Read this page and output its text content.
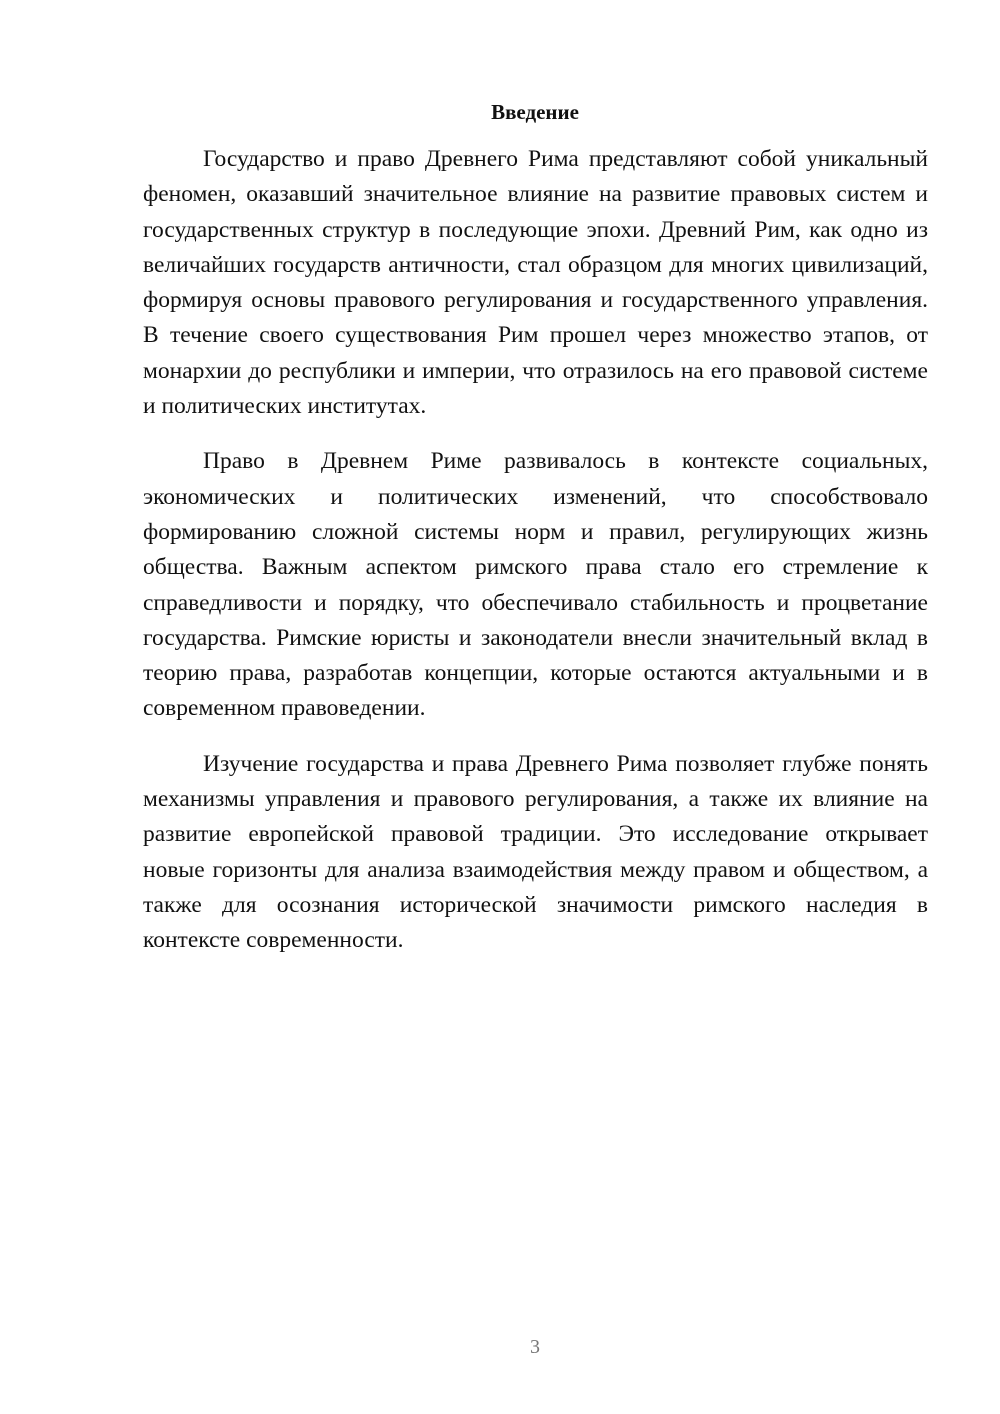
Введение

Государство и право Древнего Рима представляют собой уникальный феномен, оказавший значительное влияние на развитие правовых систем и государственных структур в последующие эпохи. Древний Рим, как одно из величайших государств античности, стал образцом для многих цивилизаций, формируя основы правового регулирования и государственного управления. В течение своего существования Рим прошел через множество этапов, от монархии до республики и империи, что отразилось на его правовой системе и политических институтах.

Право в Древнем Риме развивалось в контексте социальных, экономических и политических изменений, что способствовало формированию сложной системы норм и правил, регулирующих жизнь общества. Важным аспектом римского права стало его стремление к справедливости и порядку, что обеспечивало стабильность и процветание государства. Римские юристы и законодатели внесли значительный вклад в теорию права, разработав концепции, которые остаются актуальными и в современном правоведении.

Изучение государства и права Древнего Рима позволяет глубже понять механизмы управления и правового регулирования, а также их влияние на развитие европейской правовой традиции. Это исследование открывает новые горизонты для анализа взаимодействия между правом и обществом, а также для осознания исторической значимости римского наследия в контексте современности.

3
